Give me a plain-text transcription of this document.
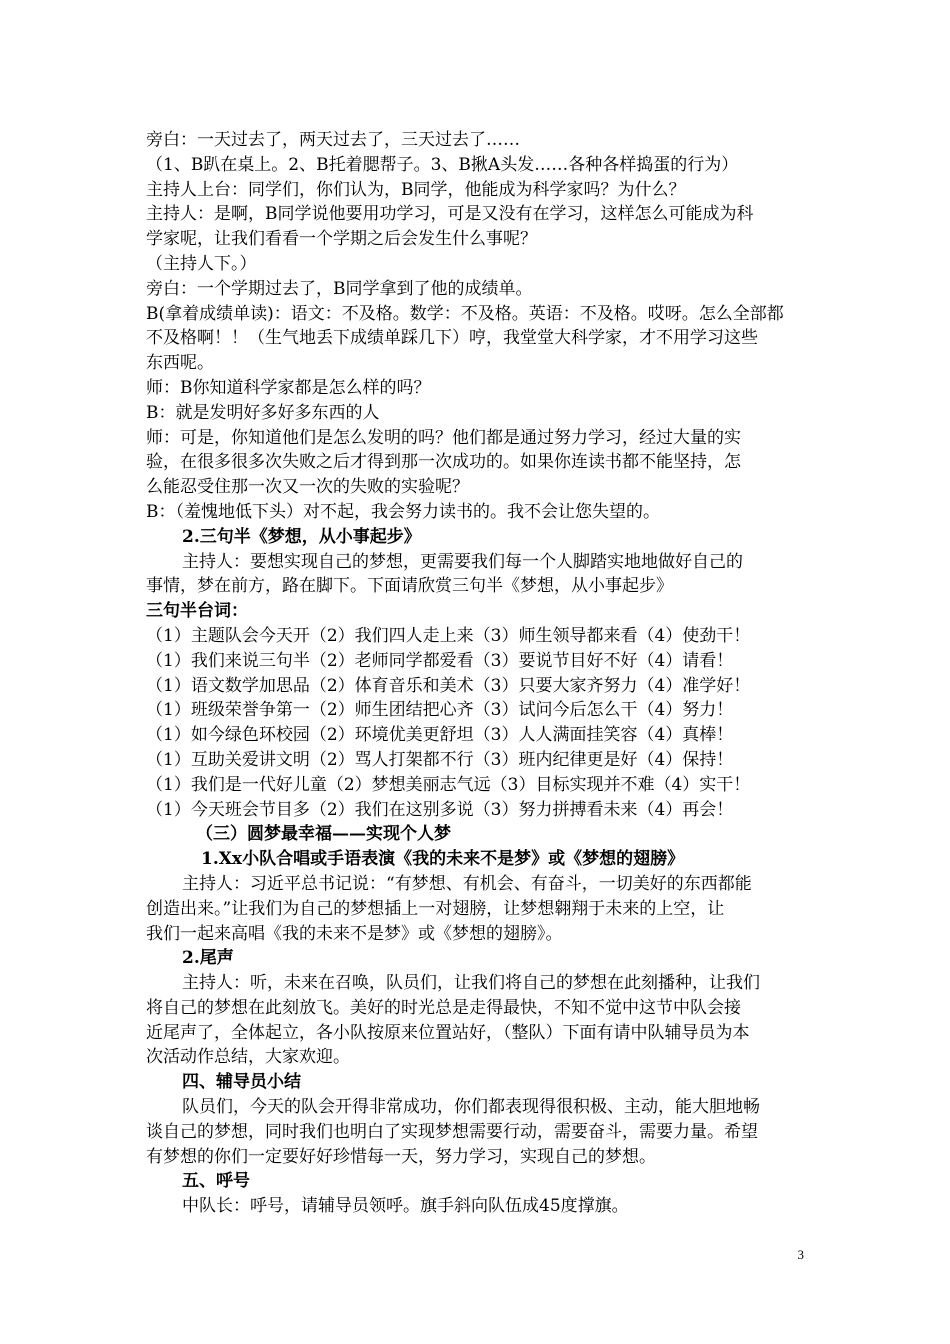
旁白：一天过去了，两天过去了，三天过去了……
（1、B趴在桌上。2、B托着腮帮子。3、B揪A头发……各种各样捣蛋的行为）
主持人上台：同学们，你们认为，B同学，他能成为科学家吗？为什么？
主持人：是啊，B同学说他要用功学习，可是又没有在学习，这样怎么可能成为科
学家呢，让我们看看一个学期之后会发生什么事呢？
（主持人下。）
旁白：一个学期过去了，B同学拿到了他的成绩单。
B(拿着成绩单读)：语文：不及格。数学：不及格。英语：不及格。哎呀。怎么全部都
不及格啊！！（生气地丢下成绩单踩几下）哼，我堂堂大科学家，才不用学习这些
东西呢。
师：B你知道科学家都是怎么样的吗？
B：就是发明好多好多东西的人
师：可是，你知道他们是怎么发明的吗？他们都是通过努力学习，经过大量的实
验，在很多很多次失败之后才得到那一次成功的。如果你连读书都不能坚持，怎
么能忍受住那一次又一次的失败的实验呢？
B：（羞愧地低下头）对不起，我会努力读书的。我不会让您失望的。
2.三句半《梦想，从小事起步》
主持人：要想实现自己的梦想，更需要我们每一个人脚踏实地地做好自己的
事情，梦在前方，路在脚下。下面请欣赏三句半《梦想，从小事起步》
三句半台词：
（1）主题队会今天开（2）我们四人走上来（3）师生领导都来看（4）使劲干！
（1）我们来说三句半（2）老师同学都爱看（3）要说节目好不好（4）请看！
（1）语文数学加思品（2）体育音乐和美术（3）只要大家齐努力（4）准学好！
（1）班级荣誉争第一（2）师生团结把心齐（3）试问今后怎么干（4）努力！
（1）如今绿色环校园（2）环境优美更舒坦（3）人人满面挂笑容（4）真棒！
（1）互助关爱讲文明（2）骂人打架都不行（3）班内纪律更是好（4）保持！
（1）我们是一代好儿童（2）梦想美丽志气远（3）目标实现并不难（4）实干！
（1）今天班会节目多（2）我们在这别多说（3）努力拼搏看未来（4）再会！
（三）圆梦最幸福——实现个人梦
1.Xx小队合唱或手语表演《我的未来不是梦》或《梦想的翅膀》
主持人：习近平总书记说：“有梦想、有机会、有奋斗，一切美好的东西都能
创造出来。”让我们为自己的梦想插上一对翅膀，让梦想翱翔于未来的上空，让
我们一起来高唱《我的未来不是梦》或《梦想的翅膀》。
2.尾声
主持人：听，未来在召唤，队员们，让我们将自己的梦想在此刻播种，让我们
将自己的梦想在此刻放飞。美好的时光总是走得最快，不知不觉中这节中队会接
近尾声了，全体起立，各小队按原来位置站好，（整队）下面有请中队辅导员为本
次活动作总结，大家欢迎。
四、辅导员小结
队员们，今天的队会开得非常成功，你们都表现得很积极、主动，能大胆地畅
谈自己的梦想，同时我们也明白了实现梦想需要行动，需要奋斗，需要力量。希望
有梦想的你们一定要好好珍惜每一天，努力学习，实现自己的梦想。
五、呼号
中队长：呼号，请辅导员领呼。旗手斜向队伍成45度撑旗。
3
